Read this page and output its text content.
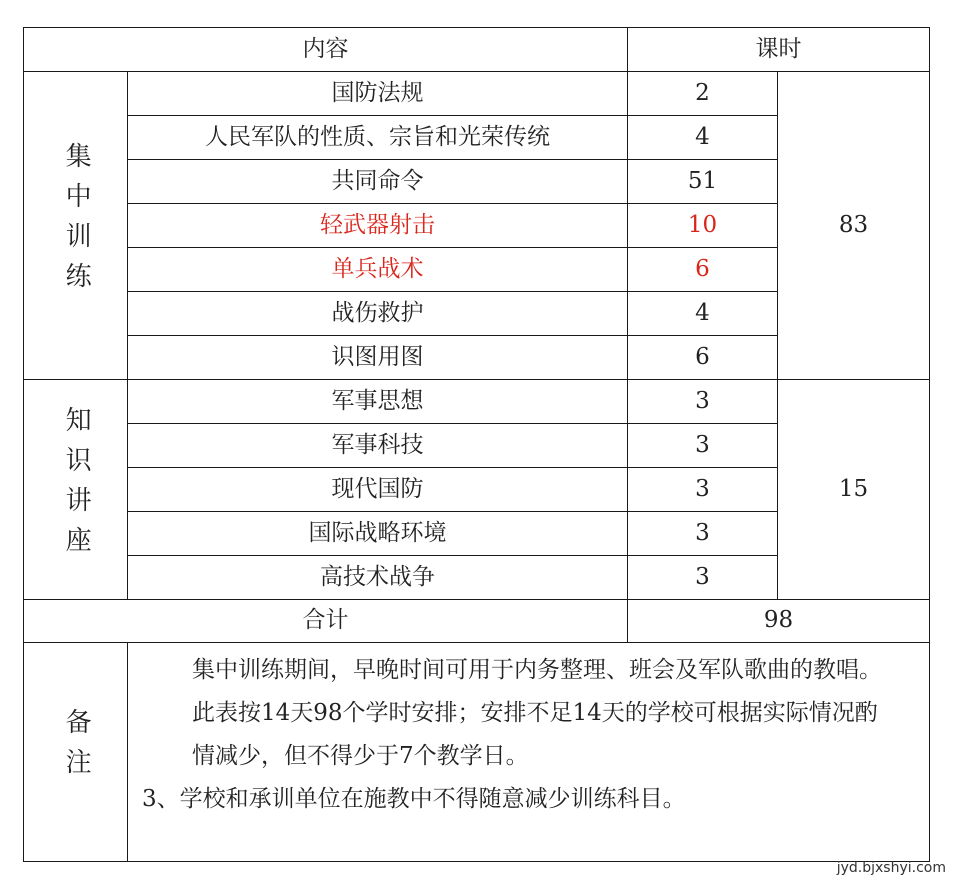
内容		课时	
集中训练	国防法规	2	83
	人民军队的性质、宗旨和光荣传统	4	
	共同命令	51	
	轻武器射击	10	
	单兵战术	6	
	战伤救护	4	
	识图用图	6	
知识讲座	军事思想	3	15
	军事科技	3	
	现代国防	3	
	国际战略环境	3	
	高技术战争	3	
合计		98	
备注	集中训练期间，早晚时间可用于内务整理、班会及军队歌曲的教唱。

此表按14天98个学时安排；安排不足14天的学校可根据实际情况酌情减少，但不得少于7个教学日。

3、学校和承训单位在施教中不得随意减少训练科目。		

jyd.bjxshyi.com
